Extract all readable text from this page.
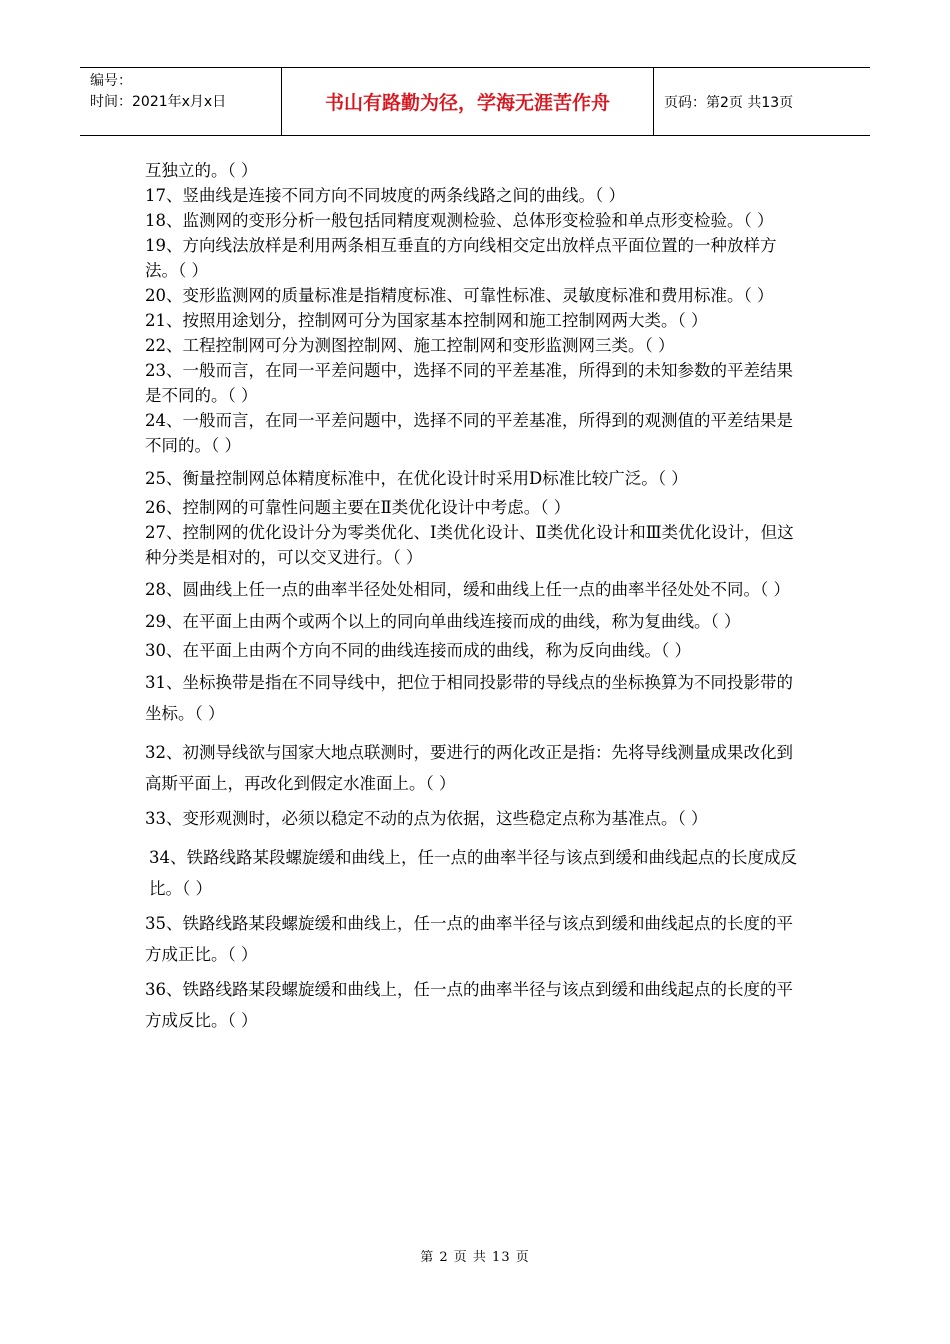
编号：
时间：2021年x月x日	书山有路勤为径，学海无涯苦作舟	页码：第2页 共13页

互独立的。（ ）

17、竖曲线是连接不同方向不同坡度的两条线路之间的曲线。（ ）

18、监测网的变形分析一般包括同精度观测检验、总体形变检验和单点形变检验。（ ）

19、方向线法放样是利用两条相互垂直的方向线相交定出放样点平面位置的一种放样方法。（ ）

20、变形监测网的质量标准是指精度标准、可靠性标准、灵敏度标准和费用标准。（ ）

21、按照用途划分，控制网可分为国家基本控制网和施工控制网两大类。（ ）

22、工程控制网可分为测图控制网、施工控制网和变形监测网三类。（ ）

23、一般而言，在同一平差问题中，选择不同的平差基准，所得到的未知参数的平差结果是不同的。（ ）

24、一般而言，在同一平差问题中，选择不同的平差基准，所得到的观测值的平差结果是不同的。（ ）

25、衡量控制网总体精度标准中，在优化设计时采用D标准比较广泛。（ ）

26、控制网的可靠性问题主要在Ⅱ类优化设计中考虑。（ ）

27、控制网的优化设计分为零类优化、Ⅰ类优化设计、Ⅱ类优化设计和Ⅲ类优化设计，但这种分类是相对的，可以交叉进行。（ ）

28、圆曲线上任一点的曲率半径处处相同，缓和曲线上任一点的曲率半径处处不同。（ ）

29、在平面上由两个或两个以上的同向单曲线连接而成的曲线，称为复曲线。（ ）

30、在平面上由两个方向不同的曲线连接而成的曲线，称为反向曲线。（ ）

31、坐标换带是指在不同导线中，把位于相同投影带的导线点的坐标换算为不同投影带的坐标。（ ）

32、初测导线欲与国家大地点联测时，要进行的两化改正是指：先将导线测量成果改化到高斯平面上，再改化到假定水准面上。（ ）

33、变形观测时，必须以稳定不动的点为依据，这些稳定点称为基准点。（ ）

34、铁路线路某段螺旋缓和曲线上，任一点的曲率半径与该点到缓和曲线起点的长度成反比。（ ）

35、铁路线路某段螺旋缓和曲线上，任一点的曲率半径与该点到缓和曲线起点的长度的平方成正比。（ ）

36、铁路线路某段螺旋缓和曲线上，任一点的曲率半径与该点到缓和曲线起点的长度的平方成反比。（ ）

第 2 页 共 13 页
